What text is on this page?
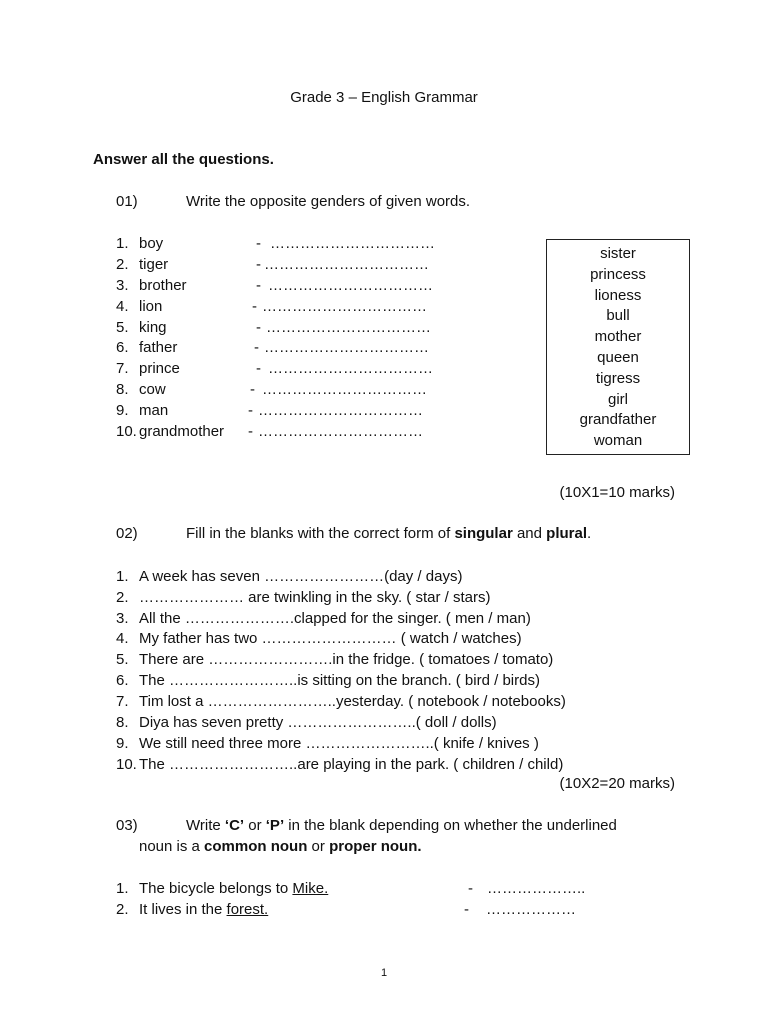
Grade 3 – English Grammar
Answer all the questions.
01)	Write the opposite genders of given words.
1. boy	- ……………………………
2. tiger	- ……………………………
3. brother	- ……………………………
4. lion	- ……………………………
5. king	- ……………………………
6. father	- ……………………………
7. prince	- ……………………………
8. cow	- ……………………………
9. man	- ……………………………
10. grandmother - ……………………………
sister
princess
lioness
bull
mother
queen
tigress
girl
grandfather
woman
(10X1=10 marks)
02)	Fill in the blanks with the correct form of singular and plural.
1. A week has seven ……………………(day / days)
2. ………………… are twinkling in the sky. ( star / stars)
3. All the ………………….clapped for the singer. ( men / man)
4. My father has two ……………………… ( watch / watches)
5. There are …………………….in the fridge. ( tomatoes / tomato)
6. The ……………………..is sitting on the branch. ( bird / birds)
7. Tim lost a ……………………..yesterday. ( notebook / notebooks)
8. Diya has seven pretty ……………………..( doll / dolls)
9. We still need three more ……………………..( knife / knives )
10. The ……………………..are playing in the park. ( children / child)
(10X2=20 marks)
03)	Write ‘C’ or ‘P’ in the blank depending on whether the underlined
noun is a common noun or proper noun.
1. The bicycle belongs to Mike.	- ………………..
2. It lives in the forest.	- ………………
1
